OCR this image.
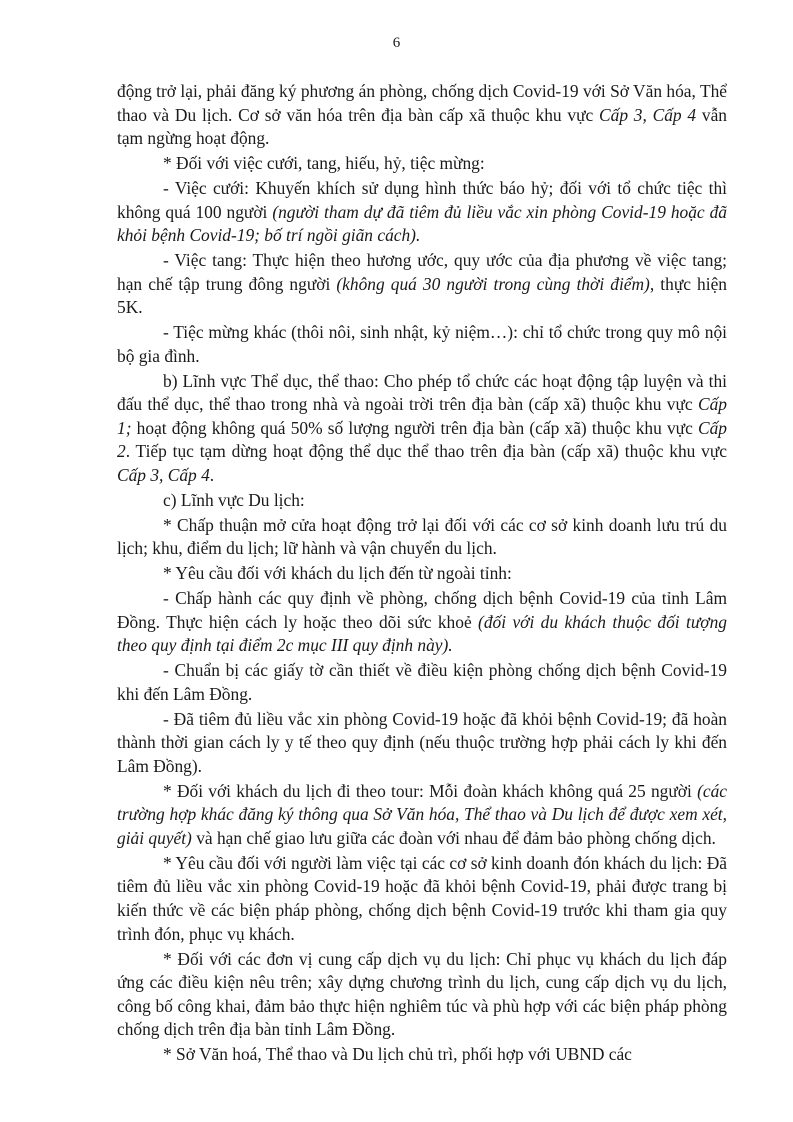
6

động trở lại, phải đăng ký phương án phòng, chống dịch Covid-19 với Sở Văn hóa, Thể thao và Du lịch. Cơ sở văn hóa trên địa bàn cấp xã thuộc khu vực Cấp 3, Cấp 4 vẫn tạm ngừng hoạt động.

* Đối với việc cưới, tang, hiếu, hỷ, tiệc mừng:

- Việc cưới: Khuyến khích sử dụng hình thức báo hỷ; đối với tổ chức tiệc thì không quá 100 người (người tham dự đã tiêm đủ liều vắc xin phòng Covid-19 hoặc đã khỏi bệnh Covid-19; bố trí ngồi giãn cách).

- Việc tang: Thực hiện theo hương ước, quy ước của địa phương về việc tang; hạn chế tập trung đông người (không quá 30 người trong cùng thời điểm), thực hiện 5K.

- Tiệc mừng khác (thôi nôi, sinh nhật, kỷ niệm…): chỉ tổ chức trong quy mô nội bộ gia đình.

b) Lĩnh vực Thể dục, thể thao: Cho phép tổ chức các hoạt động tập luyện và thi đấu thể dục, thể thao trong nhà và ngoài trời trên địa bàn (cấp xã) thuộc khu vực Cấp 1; hoạt động không quá 50% số lượng người trên địa bàn (cấp xã) thuộc khu vực Cấp 2. Tiếp tục tạm dừng hoạt động thể dục thể thao trên địa bàn (cấp xã) thuộc khu vực Cấp 3, Cấp 4.

c) Lĩnh vực Du lịch:

* Chấp thuận mở cửa hoạt động trở lại đối với các cơ sở kinh doanh lưu trú du lịch; khu, điểm du lịch; lữ hành và vận chuyển du lịch.

* Yêu cầu đối với khách du lịch đến từ ngoài tỉnh:

- Chấp hành các quy định về phòng, chống dịch bệnh Covid-19 của tỉnh Lâm Đồng. Thực hiện cách ly hoặc theo dõi sức khoẻ (đối với du khách thuộc đối tượng theo quy định tại điểm 2c mục III quy định này).

- Chuẩn bị các giấy tờ cần thiết về điều kiện phòng chống dịch bệnh Covid-19 khi đến Lâm Đồng.

- Đã tiêm đủ liều vắc xin phòng Covid-19 hoặc đã khỏi bệnh Covid-19; đã hoàn thành thời gian cách ly y tế theo quy định (nếu thuộc trường hợp phải cách ly khi đến Lâm Đồng).

* Đối với khách du lịch đi theo tour: Mỗi đoàn khách không quá 25 người (các trường hợp khác đăng ký thông qua Sở Văn hóa, Thể thao và Du lịch để được xem xét, giải quyết) và hạn chế giao lưu giữa các đoàn với nhau để đảm bảo phòng chống dịch.

* Yêu cầu đối với người làm việc tại các cơ sở kinh doanh đón khách du lịch: Đã tiêm đủ liều vắc xin phòng Covid-19 hoặc đã khỏi bệnh Covid-19, phải được trang bị kiến thức về các biện pháp phòng, chống dịch bệnh Covid-19 trước khi tham gia quy trình đón, phục vụ khách.

* Đối với các đơn vị cung cấp dịch vụ du lịch: Chỉ phục vụ khách du lịch đáp ứng các điều kiện nêu trên; xây dựng chương trình du lịch, cung cấp dịch vụ du lịch, công bố công khai, đảm bảo thực hiện nghiêm túc và phù hợp với các biện pháp phòng chống dịch trên địa bàn tỉnh Lâm Đồng.

* Sở Văn hoá, Thể thao và Du lịch chủ trì, phối hợp với UBND các
